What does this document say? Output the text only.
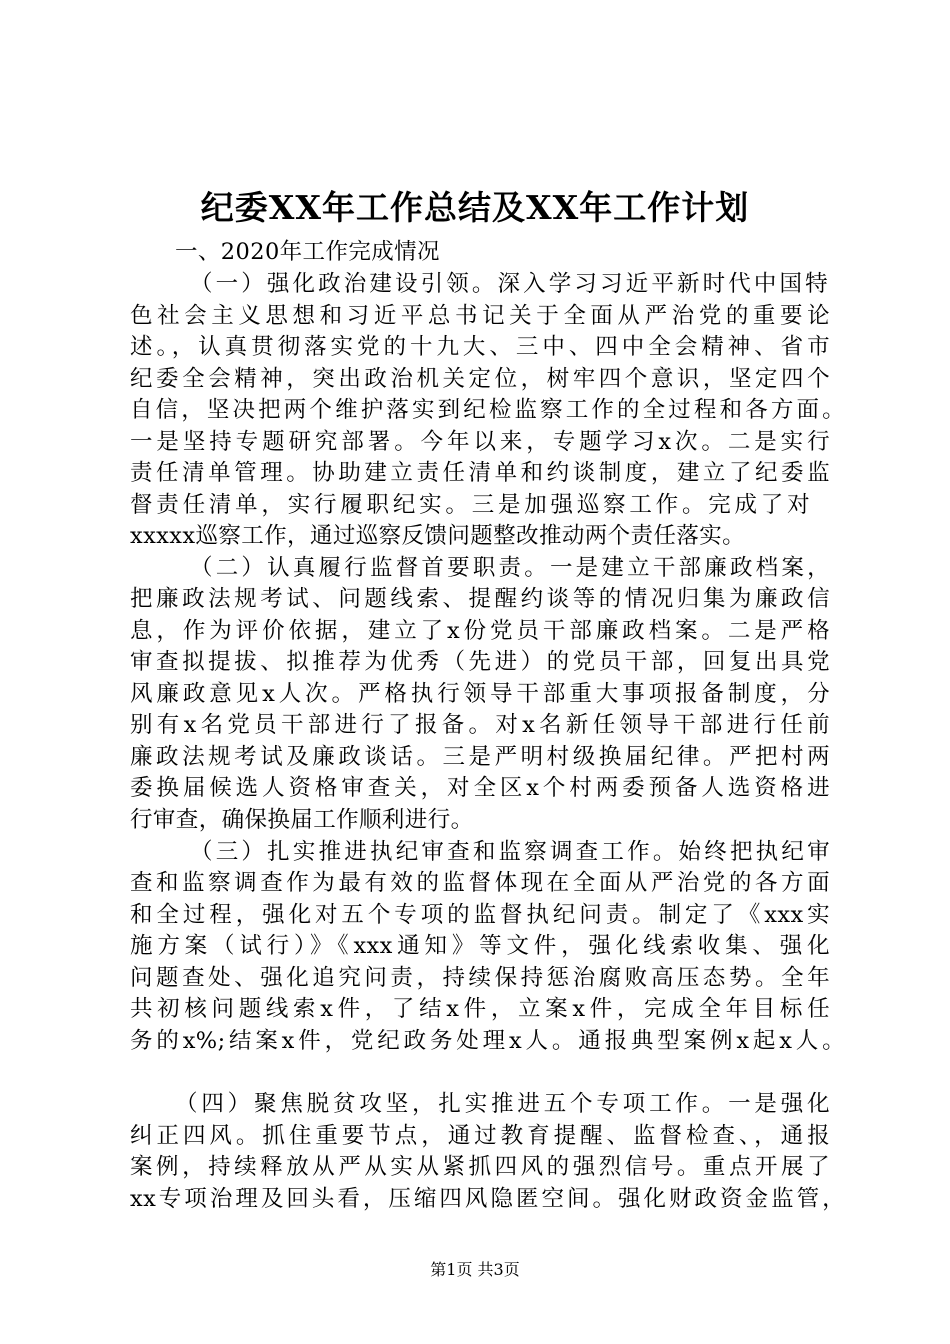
纪委XX年工作总结及XX年工作计划
一、2020年工作完成情况
（一）强化政治建设引领。深入学习习近平新时代中国特
色社会主义思想和习近平总书记关于全面从严治党的重要论
述。，认真贯彻落实党的十九大、三中、四中全会精神、省市
纪委全会精神，突出政治机关定位，树牢四个意识，坚定四个
自信，坚决把两个维护落实到纪检监察工作的全过程和各方面。
一是坚持专题研究部署。今年以来，专题学习x次。二是实行
责任清单管理。协助建立责任清单和约谈制度，建立了纪委监
督责任清单，实行履职纪实。三是加强巡察工作。完成了对
xxxxx巡察工作，通过巡察反馈问题整改推动两个责任落实。
（二）认真履行监督首要职责。一是建立干部廉政档案，
把廉政法规考试、问题线索、提醒约谈等的情况归集为廉政信
息，作为评价依据，建立了x份党员干部廉政档案。二是严格
审查拟提拔、拟推荐为优秀（先进）的党员干部，回复出具党
风廉政意见x人次。严格执行领导干部重大事项报备制度，分
别有x名党员干部进行了报备。对x名新任领导干部进行任前
廉政法规考试及廉政谈话。三是严明村级换届纪律。严把村两
委换届候选人资格审查关，对全区x个村两委预备人选资格进
行审查，确保换届工作顺利进行。
（三）扎实推进执纪审查和监察调查工作。始终把执纪审
查和监察调查作为最有效的监督体现在全面从严治党的各方面
和全过程，强化对五个专项的监督执纪问责。制定了《xxx实
施方案（试行）》《xxx通知》等文件，强化线索收集、强化
问题查处、强化追究问责，持续保持惩治腐败高压态势。全年
共初核问题线索x件，了结x件，立案x件，完成全年目标任
务的x%;结案x件，党纪政务处理x人。通报典型案例x起x人。
（四）聚焦脱贫攻坚，扎实推进五个专项工作。一是强化
纠正四风。抓住重要节点，通过教育提醒、监督检查、，通报
案例，持续释放从严从实从紧抓四风的强烈信号。重点开展了
xx专项治理及回头看，压缩四风隐匿空间。强化财政资金监管，
第1页 共3页
